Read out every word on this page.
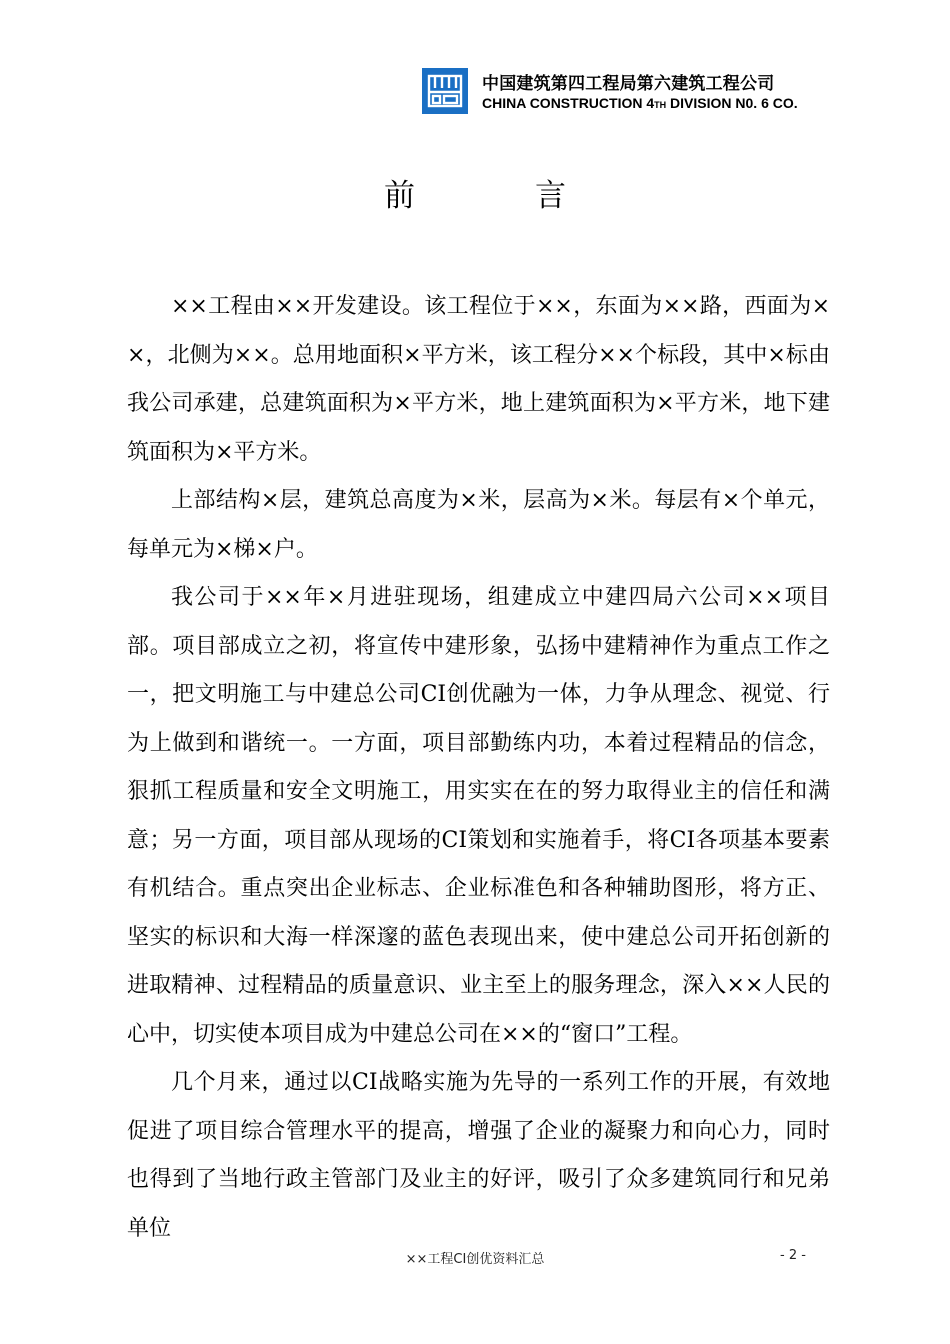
中国建筑第四工程局第六建筑工程公司
CHINA CONSTRUCTION 4TH DIVISION N0. 6 CO.
前	言

××工程由××开发建设。该工程位于××，东面为××路，西面为××，北侧为××。总用地面积×平方米，该工程分××个标段，其中×标由我公司承建，总建筑面积为×平方米，地上建筑面积为×平方米，地下建筑面积为×平方米。

上部结构×层，建筑总高度为×米，层高为×米。每层有×个单元，每单元为×梯×户。

我公司于××年×月进驻现场，组建成立中建四局六公司××项目部。项目部成立之初，将宣传中建形象，弘扬中建精神作为重点工作之一，把文明施工与中建总公司CI创优融为一体，力争从理念、视觉、行为上做到和谐统一。一方面，项目部勤练内功，本着过程精品的信念，狠抓工程质量和安全文明施工，用实实在在的努力取得业主的信任和满意；另一方面，项目部从现场的CI策划和实施着手，将CI各项基本要素有机结合。重点突出企业标志、企业标准色和各种辅助图形，将方正、坚实的标识和大海一样深邃的蓝色表现出来，使中建总公司开拓创新的进取精神、过程精品的质量意识、业主至上的服务理念，深入××人民的心中，切实使本项目成为中建总公司在××的“窗口”工程。

几个月来，通过以CI战略实施为先导的一系列工作的开展，有效地促进了项目综合管理水平的提高，增强了企业的凝聚力和向心力，同时也得到了当地行政主管部门及业主的好评，吸引了众多建筑同行和兄弟单位

××工程CI创优资料汇总	- 2 -
